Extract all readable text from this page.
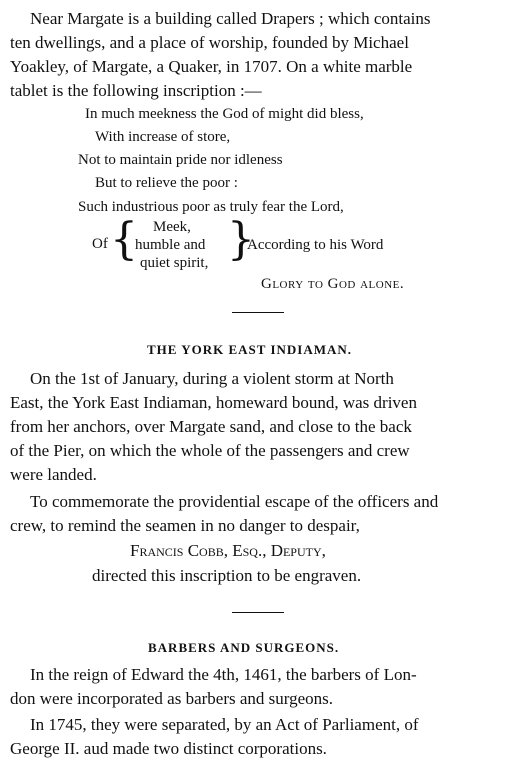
Near Margate is a building called Drapers ; which contains
ten dwellings, and a place of worship, founded by Michael
Yoakley, of Margate, a Quaker, in 1707. On a white marble
tablet is the following inscription :—
In much meekness the God of might did bless,
With increase of store,
Not to maintain pride nor idleness
But to relieve the poor :
Such industrious poor as truly fear the Lord,
Of { Meek,
humble and
quiet spirit, }
According to his Word
Glory to God alone.
THE YORK EAST INDIAMAN.
On the 1st of January, during a violent storm at North
East, the York East Indiaman, homeward bound, was driven
from her anchors, over Margate sand, and close to the back
of the Pier, on which the whole of the passengers and crew
were landed.
To commemorate the providential escape of the officers and
crew, to remind the seamen in no danger to despair,
Francis Cobb, Esq., Deputy,
directed this inscription to be engraven.
BARBERS AND SURGEONS.
In the reign of Edward the 4th, 1461, the barbers of Lon-
don were incorporated as barbers and surgeons.
In 1745, they were separated, by an Act of Parliament, of
George II. aud made two distinct corporations.
